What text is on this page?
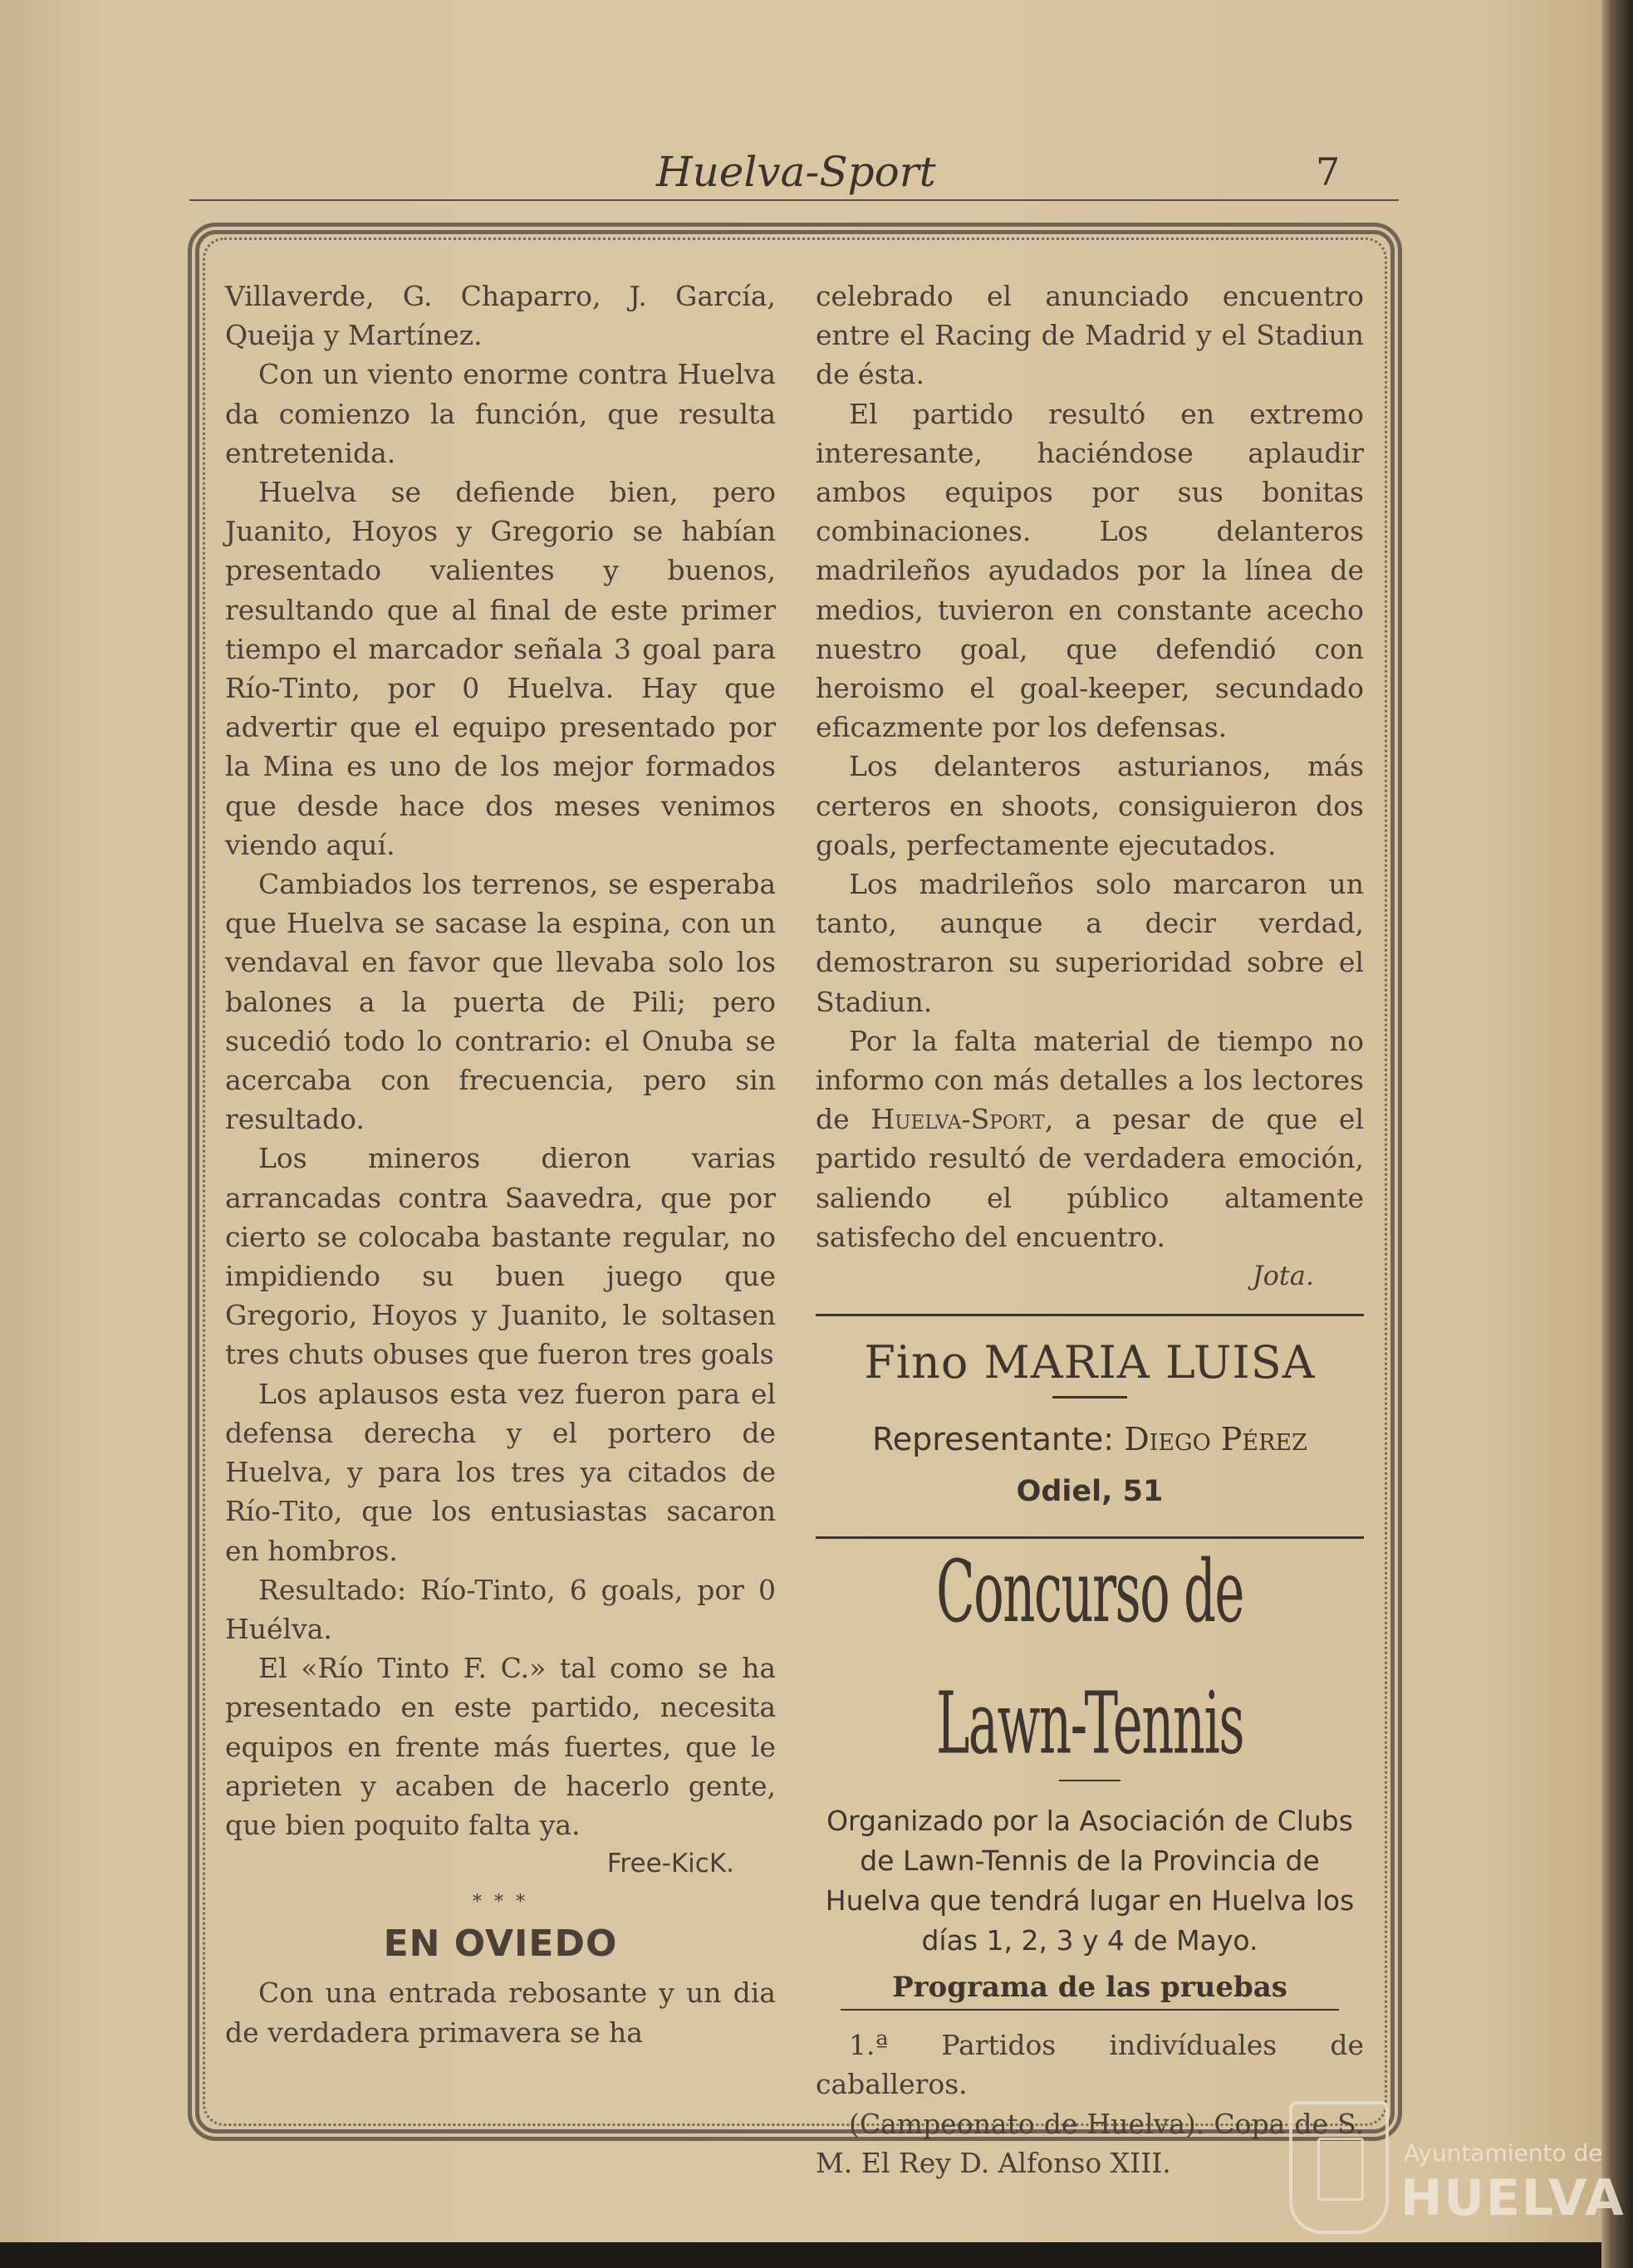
Huelva-Sport	7

Villaverde, G. Chaparro, J. García, Queija y Martínez.

Con un viento enorme contra Huelva da comienzo la función, que resulta entretenida.

Huelva se defiende bien, pero Juanito, Hoyos y Gregorio se habían presentado valientes y buenos, resultando que al final de este primer tiempo el marcador señala 3 goal para Río-Tinto, por 0 Huelva. Hay que advertir que el equipo presentado por la Mina es uno de los mejor formados que desde hace dos meses venimos viendo aquí.

Cambiados los terrenos, se esperaba que Huelva se sacase la espina, con un vendaval en favor que llevaba solo los balones a la puerta de Pili; pero sucedió todo lo contrario: el Onuba se acercaba con frecuencia, pero sin resultado.

Los mineros dieron varias arrancadas contra Saavedra, que por cierto se colocaba bastante regular, no impidiendo su buen juego que Gregorio, Hoyos y Juanito, le soltasen tres chuts obuses que fueron tres goals

Los aplausos esta vez fueron para el defensa derecha y el portero de Huelva, y para los tres ya citados de Río-Tito, que los entusiastas sacaron en hombros.

Resultado: Río-Tinto, 6 goals, por 0 Huélva.

El «Río Tinto F. C.» tal como se ha presentado en este partido, necesita equipos en frente más fuertes, que le aprieten y acaben de hacerlo gente, que bien poquito falta ya.

Free-KicK.
* * *
EN OVIEDO

Con una entrada rebosante y un dia de verdadera primavera se ha

celebrado el anunciado encuentro entre el Racing de Madrid y el Stadiun de ésta.

El partido resultó en extremo interesante, haciéndose aplaudir ambos equipos por sus bonitas combinaciones. Los delanteros madrileños ayudados por la línea de medios, tuvieron en constante acecho nuestro goal, que defendió con heroismo el goal-keeper, secundado eficazmente por los defensas.

Los delanteros asturianos, más certeros en shoots, consiguieron dos goals, perfectamente ejecutados.

Los madrileños solo marcaron un tanto, aunque a decir verdad, demostraron su superioridad sobre el Stadiun.

Por la falta material de tiempo no informo con más detalles a los lectores de Huelva-Sport, a pesar de que el partido resultó de verdadera emoción, saliendo el público altamente satisfecho del encuentro.

Jota.
Fino MARIA LUISA
Representante: Diego Pérez
Odiel, 51
Concurso de Lawn-Tennis
Organizado por la Asociación de Clubs de Lawn-Tennis de la Provincia de Huelva que tendrá lugar en Huelva los días 1, 2, 3 y 4 de Mayo.
Programa de las pruebas

1.ª Partidos indivíduales de caballeros.

(Campeonato de Huelva). Copa de S. M. El Rey D. Alfonso XIII.	Ayuntamiento de
HUELVA
